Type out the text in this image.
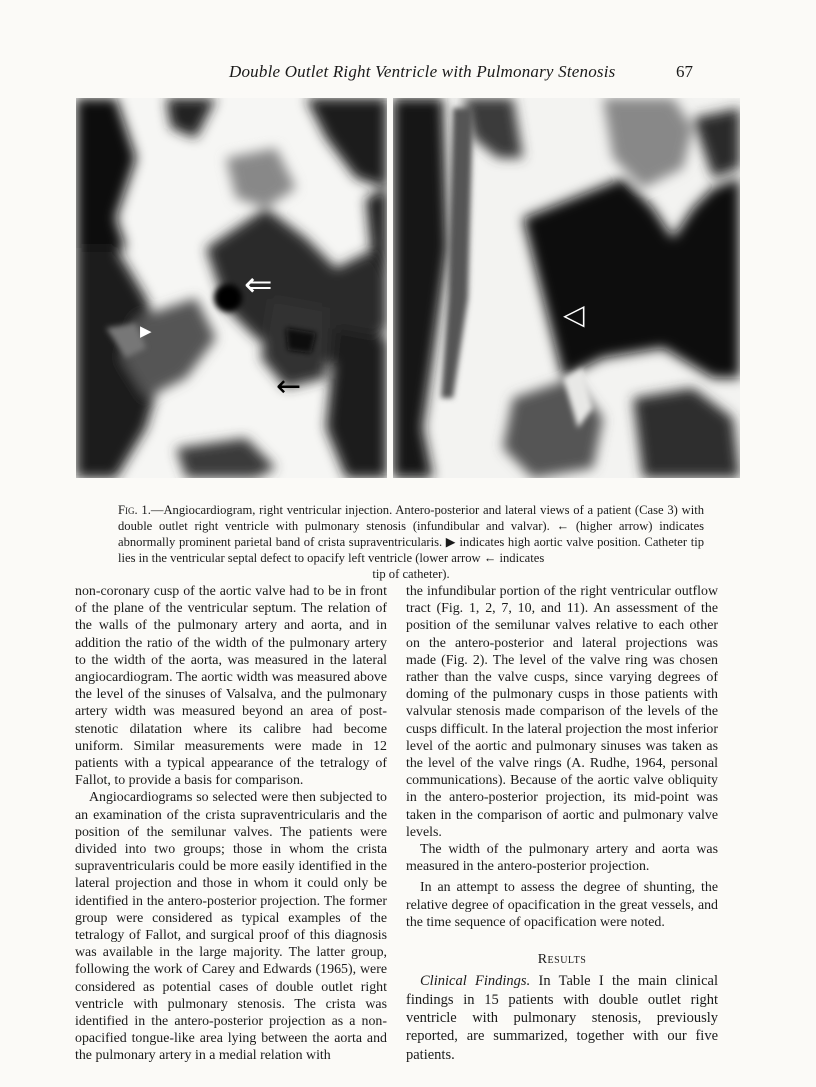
Double Outlet Right Ventricle with Pulmonary Stenosis	67
⇐
←
▶	◁
Fig. 1.—Angiocardiogram, right ventricular injection. Antero-posterior and lateral views of a patient (Case 3) with double outlet right ventricle with pulmonary stenosis (infundibular and valvar). ← (higher arrow) indicates abnormally prominent parietal band of crista supraventricularis. ▶ indicates high aortic valve position. Catheter tip lies in the ventricular septal defect to opacify left ventricle (lower arrow ← indicates
tip of catheter).

non-coronary cusp of the aortic valve had to be in front of the plane of the ventricular septum. The relation of the walls of the pulmonary artery and aorta, and in addition the ratio of the width of the pulmonary artery to the width of the aorta, was measured in the lateral angiocardiogram. The aortic width was measured above the level of the sinuses of Valsalva, and the pulmonary artery width was measured beyond an area of post-stenotic dilatation where its calibre had become uniform. Similar measurements were made in 12 patients with a typical appearance of the tetralogy of Fallot, to provide a basis for comparison.

Angiocardiograms so selected were then subjected to an examination of the crista supraventricularis and the position of the semilunar valves. The patients were divided into two groups; those in whom the crista supraventricularis could be more easily identified in the lateral projection and those in whom it could only be identified in the antero-posterior projection. The former group were considered as typical examples of the tetralogy of Fallot, and surgical proof of this diagnosis was available in the large majority. The latter group, following the work of Carey and Edwards (1965), were considered as potential cases of double outlet right ventricle with pulmonary stenosis. The crista was identified in the antero-posterior projection as a non-opacified tongue-like area lying between the aorta and the pulmonary artery in a medial relation with

the infundibular portion of the right ventricular outflow tract (Fig. 1, 2, 7, 10, and 11). An assessment of the position of the semilunar valves relative to each other on the antero-posterior and lateral projections was made (Fig. 2). The level of the valve ring was chosen rather than the valve cusps, since varying degrees of doming of the pulmonary cusps in those patients with valvular stenosis made comparison of the levels of the cusps difficult. In the lateral projection the most inferior level of the aortic and pulmonary sinuses was taken as the level of the valve rings (A. Rudhe, 1964, personal communications). Because of the aortic valve obliquity in the antero-posterior projection, its mid-point was taken in the comparison of aortic and pulmonary valve levels.

The width of the pulmonary artery and aorta was measured in the antero-posterior projection.

In an attempt to assess the degree of shunting, the relative degree of opacification in the great vessels, and the time sequence of opacification were noted.

Results

Clinical Findings. In Table I the main clinical findings in 15 patients with double outlet right ventricle with pulmonary stenosis, previously reported, are summarized, together with our five patients.
